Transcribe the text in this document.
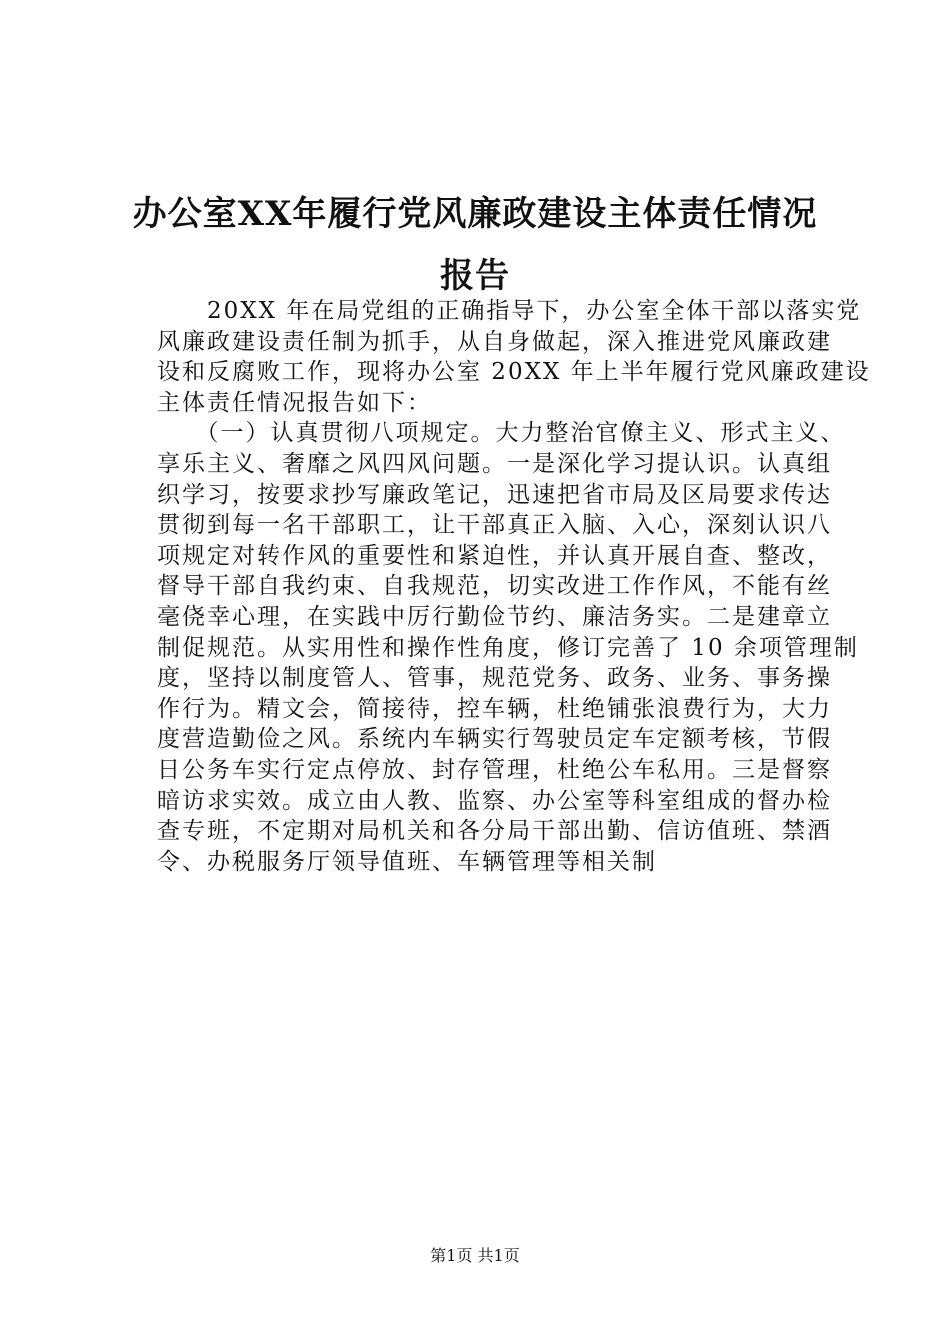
办公室XX年履行党风廉政建设主体责任情况
报告
　　20XX 年在局党组的正确指导下，办公室全体干部以落实党
风廉政建设责任制为抓手，从自身做起，深入推进党风廉政建
设和反腐败工作，现将办公室 20XX 年上半年履行党风廉政建设
主体责任情况报告如下：
　　（一）认真贯彻八项规定。大力整治官僚主义、形式主义、
享乐主义、奢靡之风四风问题。一是深化学习提认识。认真组
织学习，按要求抄写廉政笔记，迅速把省市局及区局要求传达
贯彻到每一名干部职工，让干部真正入脑、入心，深刻认识八
项规定对转作风的重要性和紧迫性，并认真开展自查、整改，
督导干部自我约束、自我规范，切实改进工作作风，不能有丝
毫侥幸心理，在实践中厉行勤俭节约、廉洁务实。二是建章立
制促规范。从实用性和操作性角度，修订完善了 10 余项管理制
度，坚持以制度管人、管事，规范党务、政务、业务、事务操
作行为。精文会，简接待，控车辆，杜绝铺张浪费行为，大力
度营造勤俭之风。系统内车辆实行驾驶员定车定额考核，节假
日公务车实行定点停放、封存管理，杜绝公车私用。三是督察
暗访求实效。成立由人教、监察、办公室等科室组成的督办检
查专班，不定期对局机关和各分局干部出勤、信访值班、禁酒
令、办税服务厅领导值班、车辆管理等相关制
第1页 共1页
